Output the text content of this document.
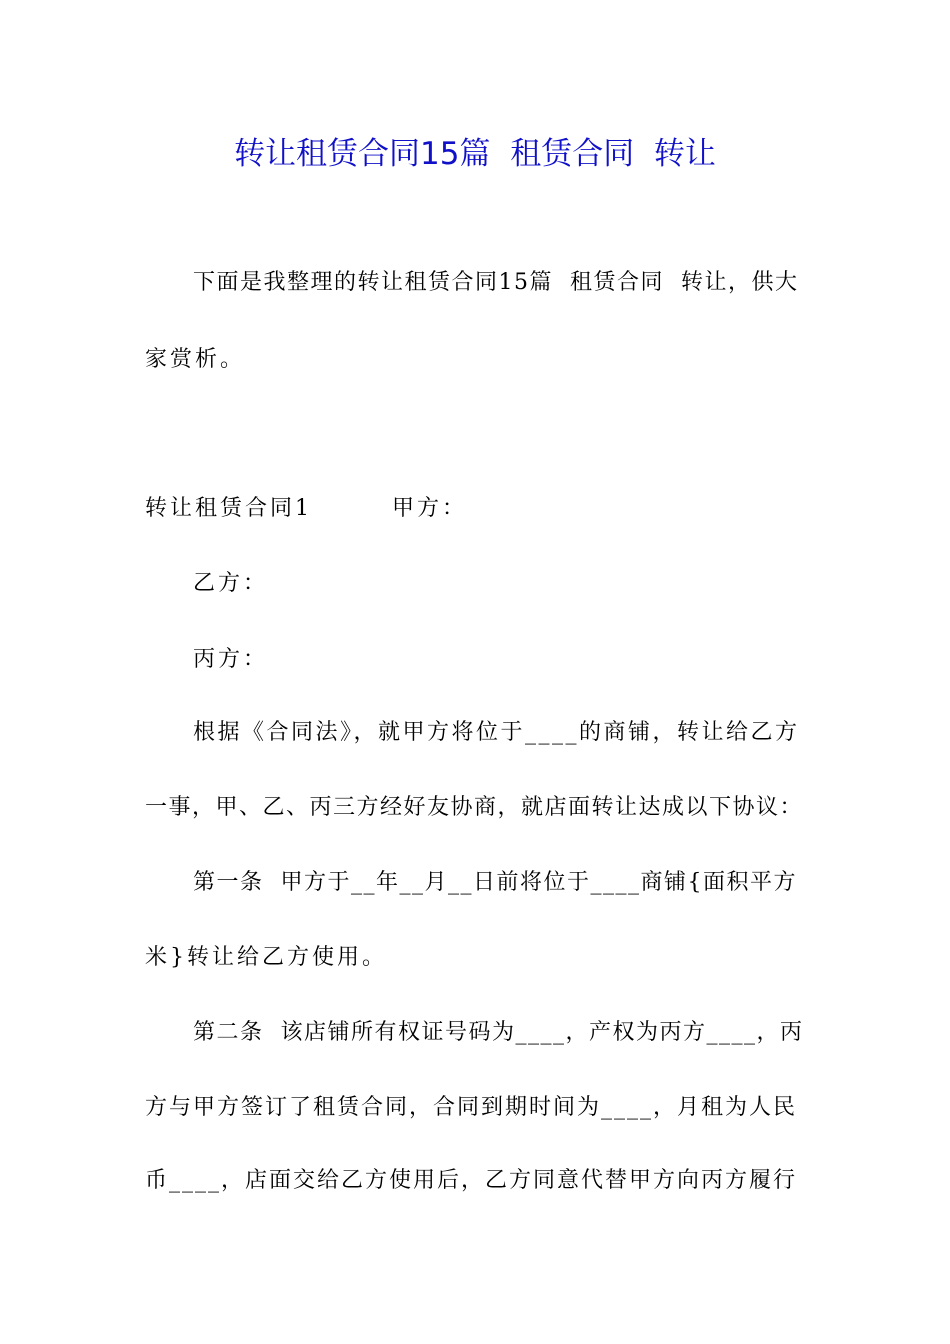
转让租赁合同15篇  租赁合同  转让

下面是我整理的转让租赁合同15篇  租赁合同  转让，供大

家赏析。

转让租赁合同1        甲方：

乙方：

丙方：

根据《合同法》，就甲方将位于____的商铺，转让给乙方

一事，甲、乙、丙三方经好友协商，就店面转让达成以下协议：

第一条  甲方于__年__月__日前将位于____商铺{面积平方

米}转让给乙方使用。

第二条  该店铺所有权证号码为____，产权为丙方____，丙

方与甲方签订了租赁合同，合同到期时间为____，月租为人民

币____，店面交给乙方使用后，乙方同意代替甲方向丙方履行
